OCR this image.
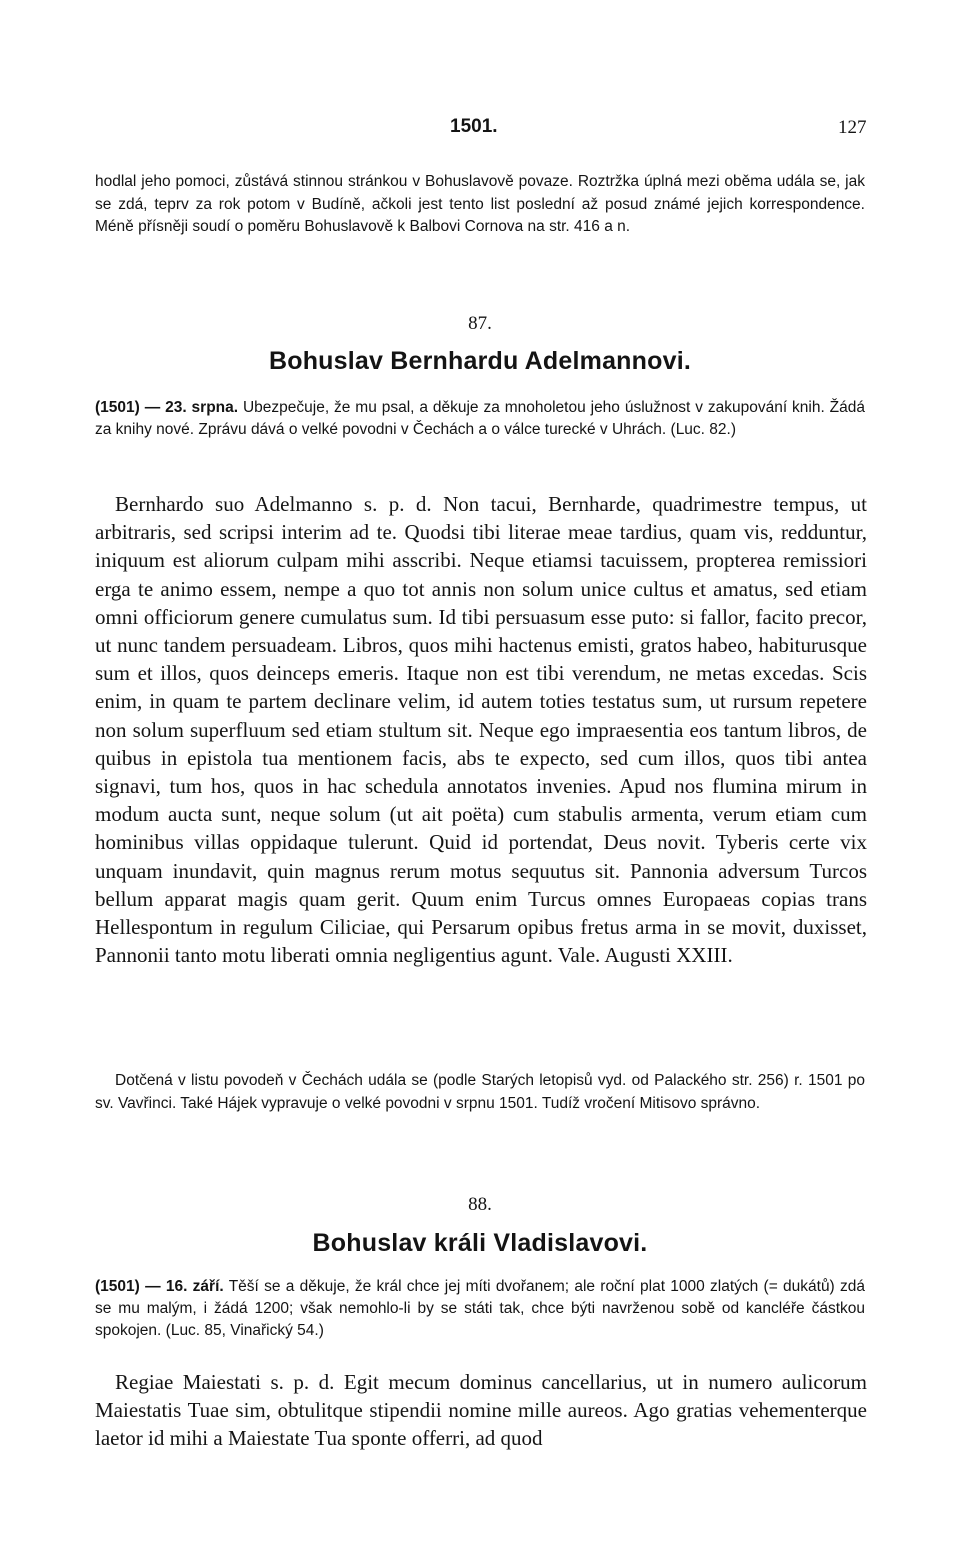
1501.	127
hodlal jeho pomoci, zůstává stinnou stránkou v Bohuslavově povaze. Roztržka úplná mezi oběma udála se, jak se zdá, teprv za rok potom v Budíně, ačkoli jest tento list poslední až posud známé jejich korrespondence. Méně přísněji soudí o poměru Bohuslavově k Balbovi Cornova na str. 416 a n.
87.
Bohuslav Bernhardu Adelmannovi.
(1501) — 23. srpna. Ubezpečuje, že mu psal, a děkuje za mnoholetou jeho úslužnost v zakupování knih. Žádá za knihy nové. Zprávu dává o velké povodni v Čechách a o válce turecké v Uhrách. (Luc. 82.)
Bernhardo suo Adelmanno s. p. d. Non tacui, Bernharde, quadrimestre tempus, ut arbitraris, sed scripsi interim ad te. Quodsi tibi literae meae tardius, quam vis, redduntur, iniquum est aliorum culpam mihi asscribi. Neque etiamsi tacuissem, propterea remissiori erga te animo essem, nempe a quo tot annis non solum unice cultus et amatus, sed etiam omni officiorum genere cumulatus sum. Id tibi persuasum esse puto: si fallor, facito precor, ut nunc tandem persuadeam. Libros, quos mihi hactenus emisti, gratos habeo, habiturusque sum et illos, quos deinceps emeris. Itaque non est tibi verendum, ne metas excedas. Scis enim, in quam te partem declinare velim, id autem toties testatus sum, ut rursum repetere non solum superfluum sed etiam stultum sit. Neque ego impraesentia eos tantum libros, de quibus in epistola tua mentionem facis, abs te expecto, sed cum illos, quos tibi antea signavi, tum hos, quos in hac schedula annotatos invenies. Apud nos flumina mirum in modum aucta sunt, neque solum (ut ait poëta) cum stabulis armenta, verum etiam cum hominibus villas oppidaque tulerunt. Quid id portendat, Deus novit. Tyberis certe vix unquam inundavit, quin magnus rerum motus sequutus sit. Pannonia adversum Turcos bellum apparat magis quam gerit. Quum enim Turcus omnes Europaeas copias trans Hellespontum in regulum Ciliciae, qui Persarum opibus fretus arma in se movit, duxisset, Pannonii tanto motu liberati omnia negligentius agunt. Vale. Augusti XXIII.
Dotčená v listu povodeň v Čechách udála se (podle Starých letopisů vyd. od Palackého str. 256) r. 1501 po sv. Vavřinci. Také Hájek vypravuje o velké povodni v srpnu 1501. Tudíž vročení Mitisovo správno.
88.
Bohuslav králi Vladislavovi.
(1501) — 16. září. Těší se a děkuje, že král chce jej míti dvořanem; ale roční plat 1000 zlatých (= dukátů) zdá se mu malým, i žádá 1200; však nemohlo-li by se státi tak, chce býti navrženou sobě od kancléře částkou spokojen. (Luc. 85, Vinařický 54.)
Regiae Maiestati s. p. d. Egit mecum dominus cancellarius, ut in numero aulicorum Maiestatis Tuae sim, obtulitque stipendii nomine mille aureos. Ago gratias vehementerque laetor id mihi a Maiestate Tua sponte offerri, ad quod
